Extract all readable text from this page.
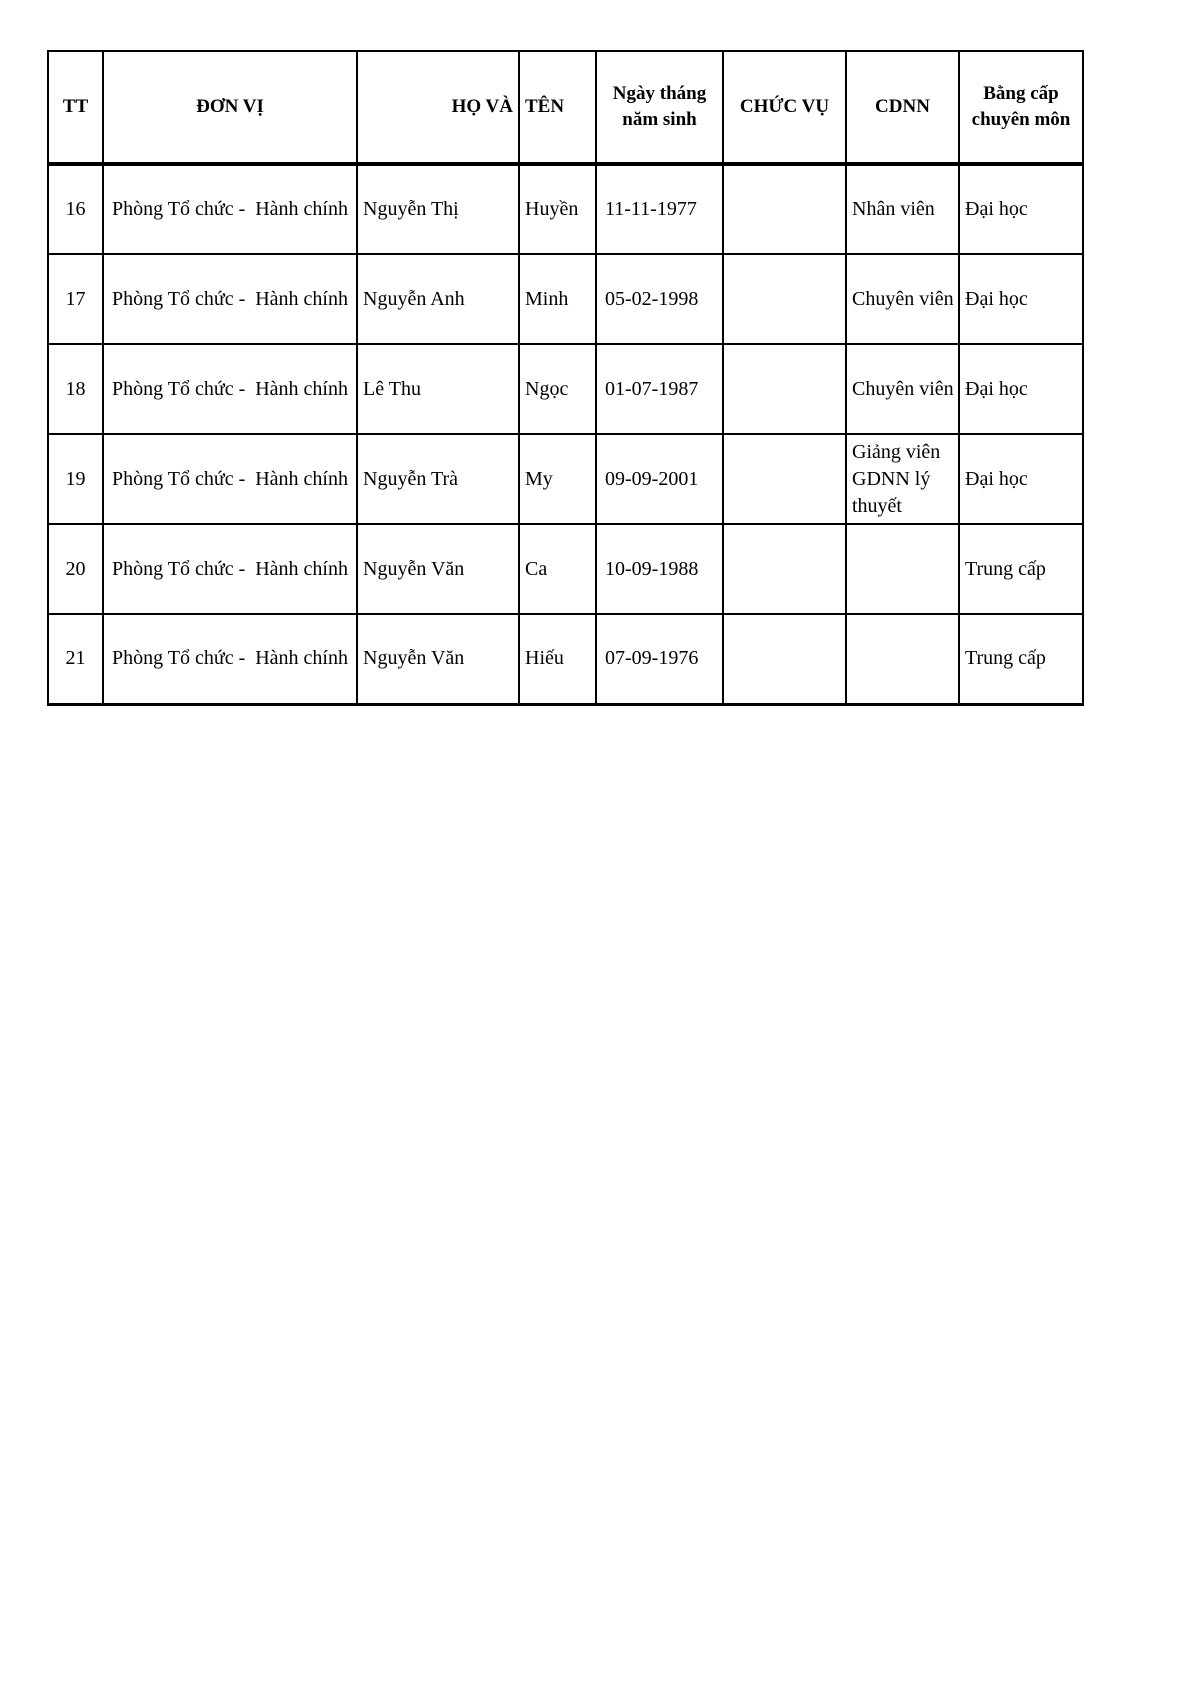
TT	ĐƠN VỊ	HỌ VÀ	TÊN	Ngày tháng năm sinh	CHỨC VỤ	CDNN	Bằng cấp chuyên môn
16	Phòng Tổ chức -  Hành chính	Nguyễn Thị	Huyền	11-11-1977		Nhân viên	Đại học
17	Phòng Tổ chức -  Hành chính	Nguyễn Anh	Minh	05-02-1998		Chuyên viên	Đại học
18	Phòng Tổ chức -  Hành chính	Lê Thu	Ngọc	01-07-1987		Chuyên viên	Đại học
19	Phòng Tổ chức -  Hành chính	Nguyễn Trà	My	09-09-2001		Giảng viên GDNN lý thuyết	Đại học
20	Phòng Tổ chức -  Hành chính	Nguyễn Văn	Ca	10-09-1988			Trung cấp
21	Phòng Tổ chức -  Hành chính	Nguyễn Văn	Hiếu	07-09-1976			Trung cấp
